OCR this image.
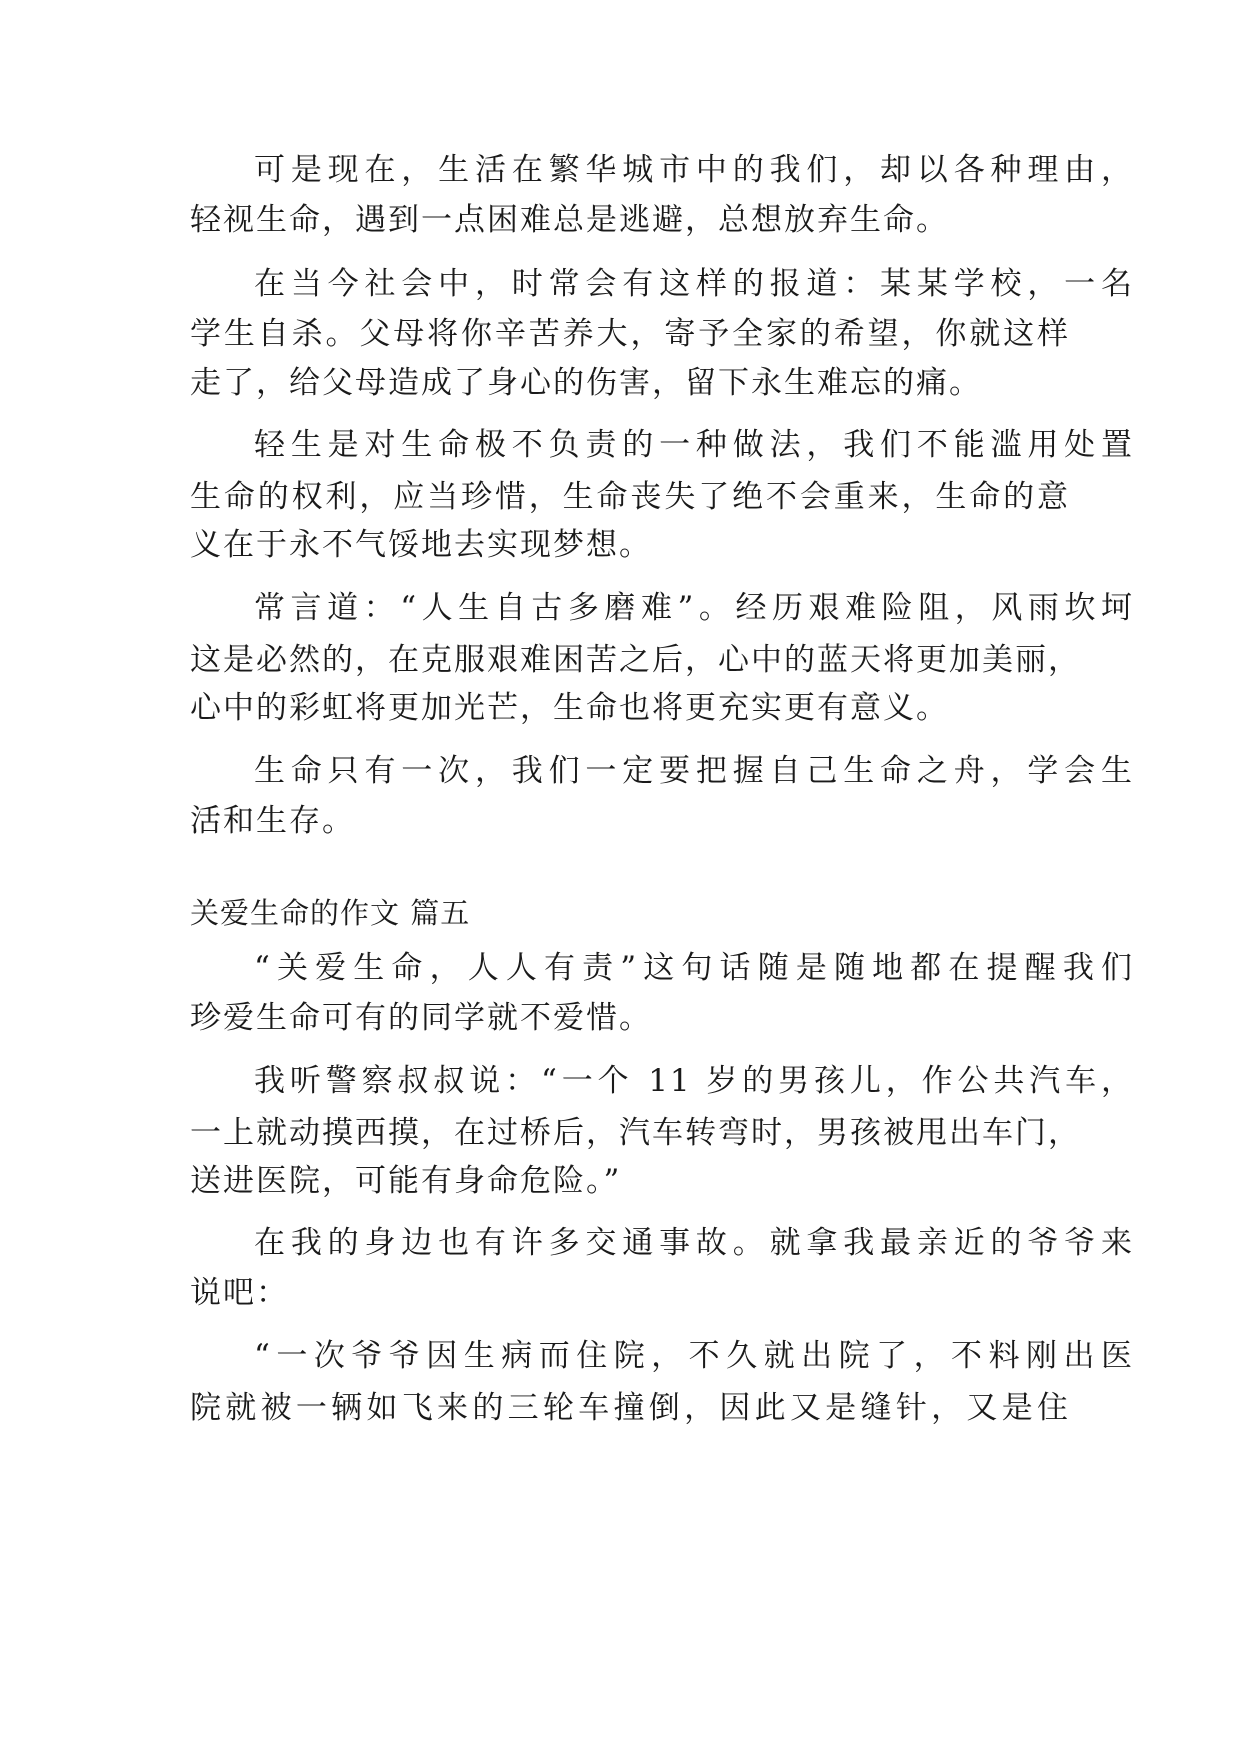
可是现在，生活在繁华城市中的我们，却以各种理由，
轻视生命，遇到一点困难总是逃避，总想放弃生命。
在当今社会中，时常会有这样的报道：某某学校，一名
学生自杀。父母将你辛苦养大，寄予全家的希望，你就这样
走了，给父母造成了身心的伤害，留下永生难忘的痛。
轻生是对生命极不负责的一种做法，我们不能滥用处置
生命的权利，应当珍惜，生命丧失了绝不会重来，生命的意
义在于永不气馁地去实现梦想。
常言道：“人生自古多磨难”。经历艰难险阻，风雨坎坷
这是必然的，在克服艰难困苦之后，心中的蓝天将更加美丽，
心中的彩虹将更加光芒，生命也将更充实更有意义。
生命只有一次，我们一定要把握自己生命之舟，学会生
活和生存。
关爱生命的作文 篇五
“关爱生命，人人有责”这句话随是随地都在提醒我们
珍爱生命可有的同学就不爱惜。
我听警察叔叔说：“一个 11 岁的男孩儿，作公共汽车，
一上就动摸西摸，在过桥后，汽车转弯时，男孩被甩出车门，
送进医院，可能有身命危险。”
在我的身边也有许多交通事故。就拿我最亲近的爷爷来
说吧：
“一次爷爷因生病而住院，不久就出院了，不料刚出医
院就被一辆如飞来的三轮车撞倒，因此又是缝针，又是住
